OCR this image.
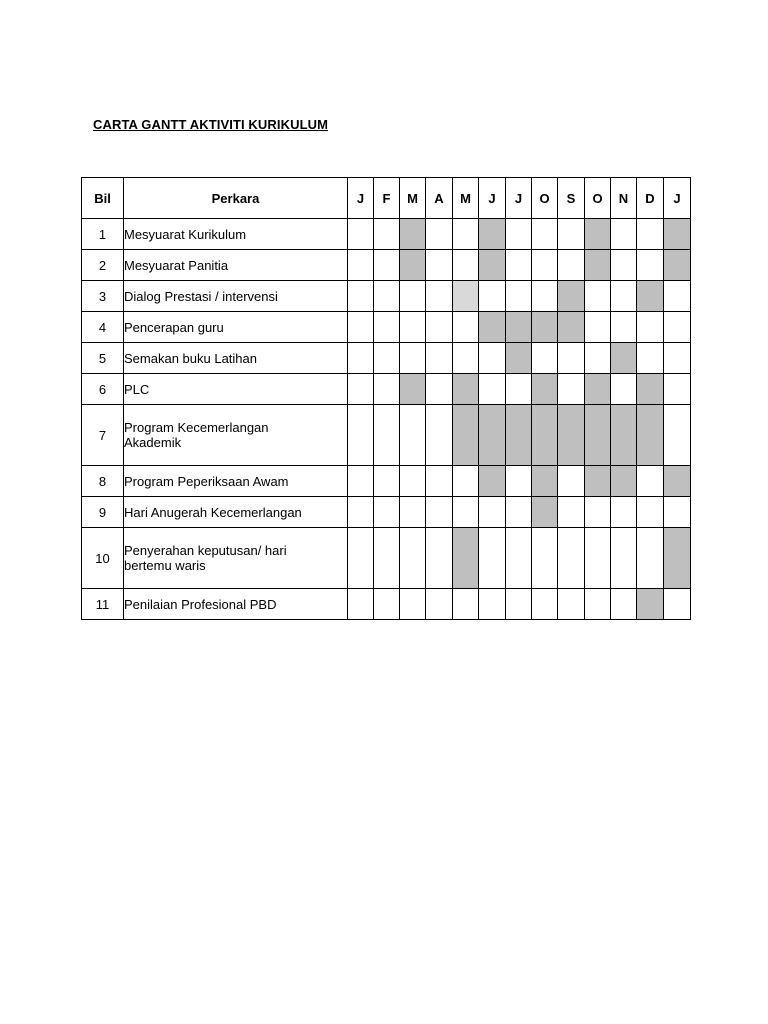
CARTA GANTT AKTIVITI KURIKULUM
Bil	Perkara	J	F	M	A	M	J	J	O	S	O	N	D	J
1	Mesyuarat Kurikulum													
2	Mesyuarat Panitia													
3	Dialog Prestasi / intervensi													
4	Pencerapan guru													
5	Semakan buku Latihan													
6	PLC													
7	Program Kecemerlangan Akademik													
8	Program Peperiksaan Awam													
9	Hari Anugerah Kecemerlangan													
10	Penyerahan keputusan/ hari bertemu waris													
11	Penilaian Profesional PBD													
